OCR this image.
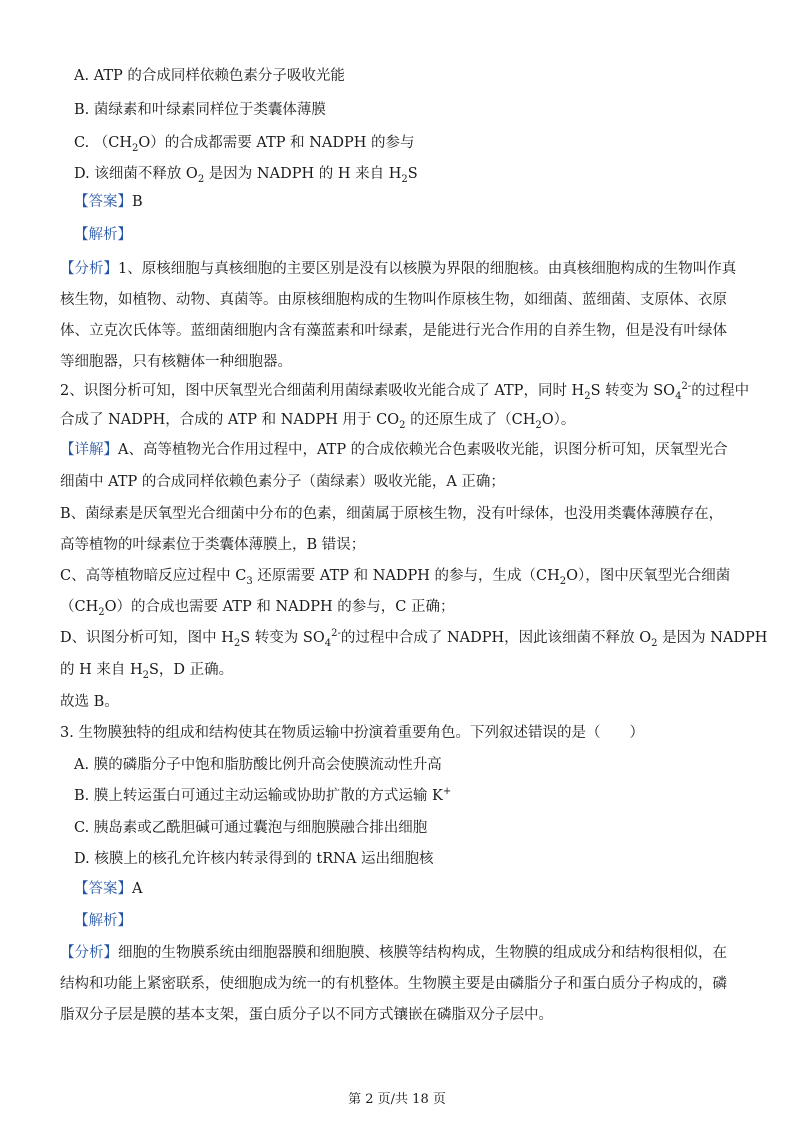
A. ATP 的合成同样依赖色素分子吸收光能
B. 菌绿素和叶绿素同样位于类囊体薄膜
C. $(CH_2O)$的合成都需要 ATP 和 NADPH 的参与
D. 该细菌不释放 $O_2$ 是因为 NADPH 的 H 来自 $H_2S$
【答案】B
【解析】
【分析】1、原核细胞与真核细胞的主要区别是没有以核膜为界限的细胞核。由真核细胞构成的生物叫作真
核生物，如植物、动物、真菌等。由原核细胞构成的生物叫作原核生物，如细菌、蓝细菌、支原体、衣原
体、立克次氏体等。蓝细菌细胞内含有藻蓝素和叶绿素，是能进行光合作用的自养生物，但是没有叶绿体
等细胞器，只有核糖体一种细胞器。
2、识图分析可知，图中厌氧型光合细菌利用菌绿素吸收光能合成了 ATP，同时 $H_2S$ 转变为 $SO_4^{2-}$的过程中
合成了 NADPH，合成的 ATP 和 NADPH 用于 $CO_2$ 的还原生成了$(CH_2O)$。
【详解】A、高等植物光合作用过程中，ATP 的合成依赖光合色素吸收光能，识图分析可知，厌氧型光合
细菌中 ATP 的合成同样依赖色素分子（菌绿素）吸收光能，A 正确；
B、菌绿素是厌氧型光合细菌中分布的色素，细菌属于原核生物，没有叶绿体，也没用类囊体薄膜存在，
高等植物的叶绿素位于类囊体薄膜上，B 错误；
C、高等植物暗反应过程中 $C_3$ 还原需要 ATP 和 NADPH 的参与，生成$(CH_2O)$，图中厌氧型光合细菌
$(CH_2O)$的合成也需要 ATP 和 NADPH 的参与，C 正确；
D、识图分析可知，图中 $H_2S$ 转变为 $SO_4^{2-}$的过程中合成了 NADPH，因此该细菌不释放 $O_2$ 是因为 NADPH
的 H 来自 $H_2S$，D 正确。
故选 B。
3. 生物膜独特的组成和结构使其在物质运输中扮演着重要角色。下列叙述错误的是（　　）
A. 膜的磷脂分子中饱和脂肪酸比例升高会使膜流动性升高
B. 膜上转运蛋白可通过主动运输或协助扩散的方式运输 K+
C. 胰岛素或乙酰胆碱可通过囊泡与细胞膜融合排出细胞
D. 核膜上的核孔允许核内转录得到的 tRNA 运出细胞核
【答案】A
【解析】
【分析】细胞的生物膜系统由细胞器膜和细胞膜、核膜等结构构成，生物膜的组成成分和结构很相似，在
结构和功能上紧密联系，使细胞成为统一的有机整体。生物膜主要是由磷脂分子和蛋白质分子构成的，磷
脂双分子层是膜的基本支架，蛋白质分子以不同方式镶嵌在磷脂双分子层中。
第 2 页/共 18 页
